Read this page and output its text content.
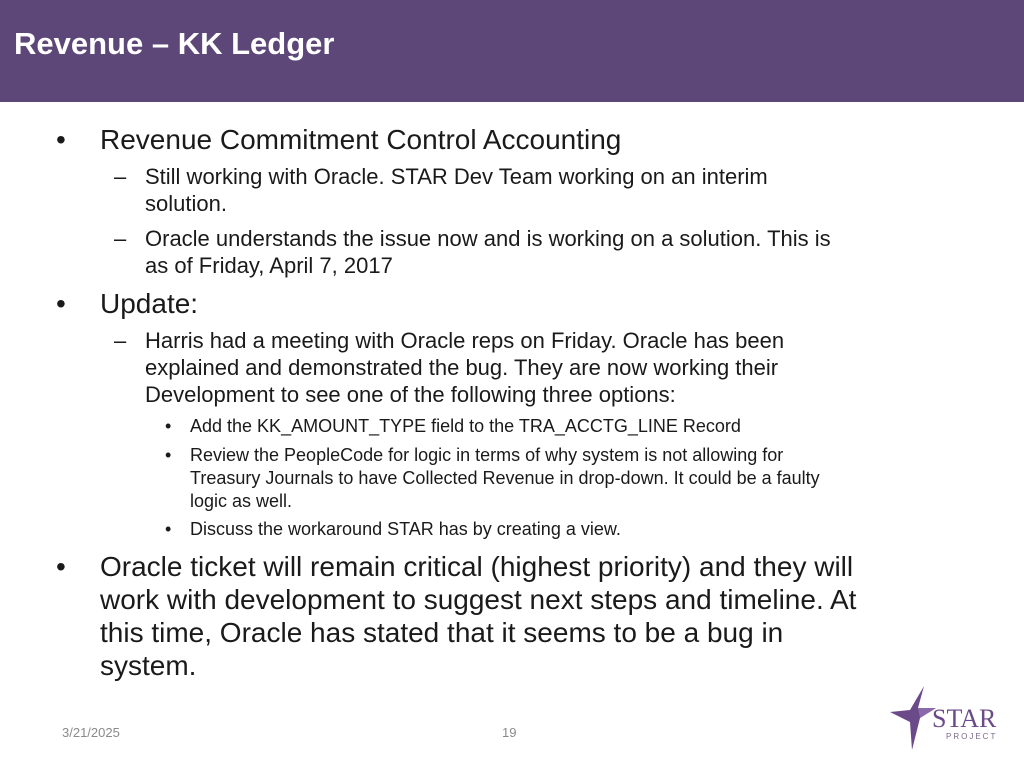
Revenue – KK Ledger
• Revenue Commitment Control Accounting
– Still working with Oracle. STAR Dev Team working on an interim
solution.
– Oracle understands the issue now and is working on a solution. This is
as of Friday, April 7, 2017
• Update:
– Harris had a meeting with Oracle reps on Friday. Oracle has been
explained and demonstrated the bug. They are now working their
Development to see one of the following three options:
• Add the KK_AMOUNT_TYPE field to the TRA_ACCTG_LINE Record
• Review the PeopleCode for logic in terms of why system is not allowing for
Treasury Journals to have Collected Revenue in drop-down. It could be a faulty
logic as well.
• Discuss the workaround STAR has by creating a view.
• Oracle ticket will remain critical (highest priority) and they will
work with development to suggest next steps and timeline. At
this time, Oracle has stated that it seems to be a bug in
system.
3/21/2025	19	STAR
PROJECT
